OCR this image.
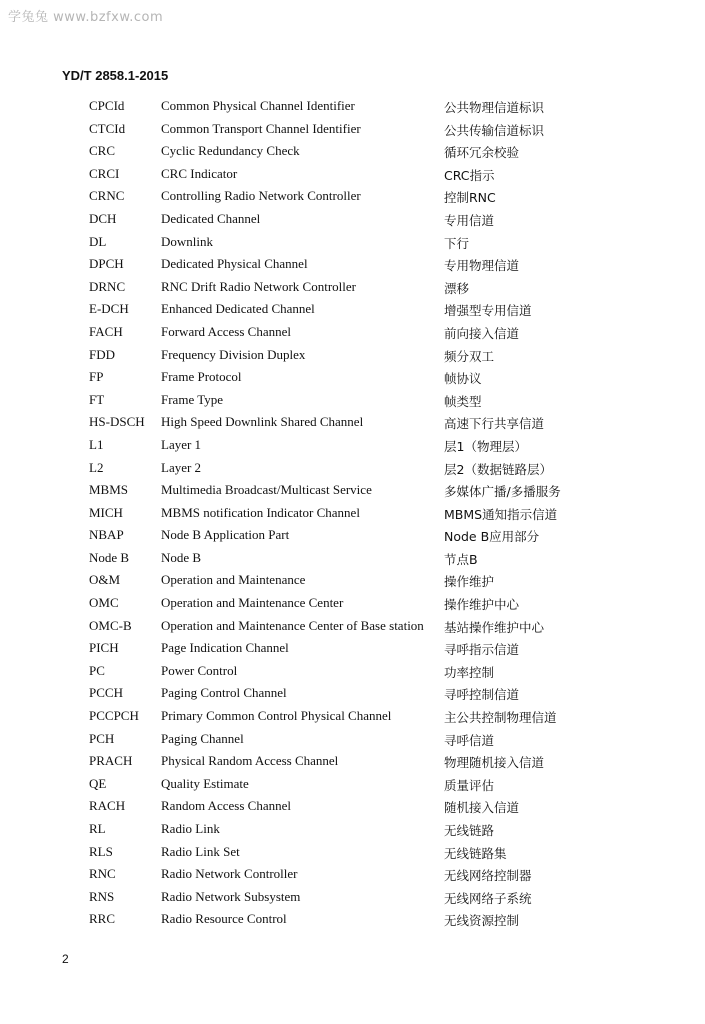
学兔兔 www.bzfxw.com
YD/T 2858.1-2015
CPCId	Common Physical Channel Identifier	公共物理信道标识
CTCId	Common Transport Channel Identifier	公共传输信道标识
CRC	Cyclic Redundancy Check	循环冗余校验
CRCI	CRC Indicator	CRC指示
CRNC	Controlling Radio Network Controller	控制RNC
DCH	Dedicated Channel	专用信道
DL	Downlink	下行
DPCH	Dedicated Physical Channel	专用物理信道
DRNC	RNC Drift Radio Network Controller	漂移
E-DCH Enhanced Dedicated Channel	增强型专用信道
FACH	Forward Access Channel	前向接入信道
FDD	Frequency Division Duplex	频分双工
FP	Frame Protocol	帧协议
FT	Frame Type	帧类型
HS-DSCH High Speed Downlink Shared Channel	高速下行共享信道
L1	Layer 1	层1（物理层）
L2	Layer 2	层2（数据链路层）
MBMS	Multimedia Broadcast/Multicast Service	多媒体广播/多播服务
MICH	MBMS notification Indicator Channel	MBMS通知指示信道
NBAP	Node B Application Part	Node B应用部分
Node B Node B	节点B
O&M	Operation and Maintenance	操作维护
OMC	Operation and Maintenance Center	操作维护中心
OMC-B Operation and Maintenance Center of Base station 基站操作维护中心
PICH	Page Indication Channel	寻呼指示信道
PC	Power Control	功率控制
PCCH	Paging Control Channel	寻呼控制信道
PCCPCH Primary Common Control Physical Channel	主公共控制物理信道
PCH	Paging Channel	寻呼信道
PRACH Physical Random Access Channel	物理随机接入信道
QE	Quality Estimate	质量评估
RACH	Random Access Channel	随机接入信道
RL	Radio Link	无线链路
RLS	Radio Link Set	无线链路集
RNC	Radio Network Controller	无线网络控制器
RNS	Radio Network Subsystem	无线网络子系统
RRC	Radio Resource Control	无线资源控制
2
